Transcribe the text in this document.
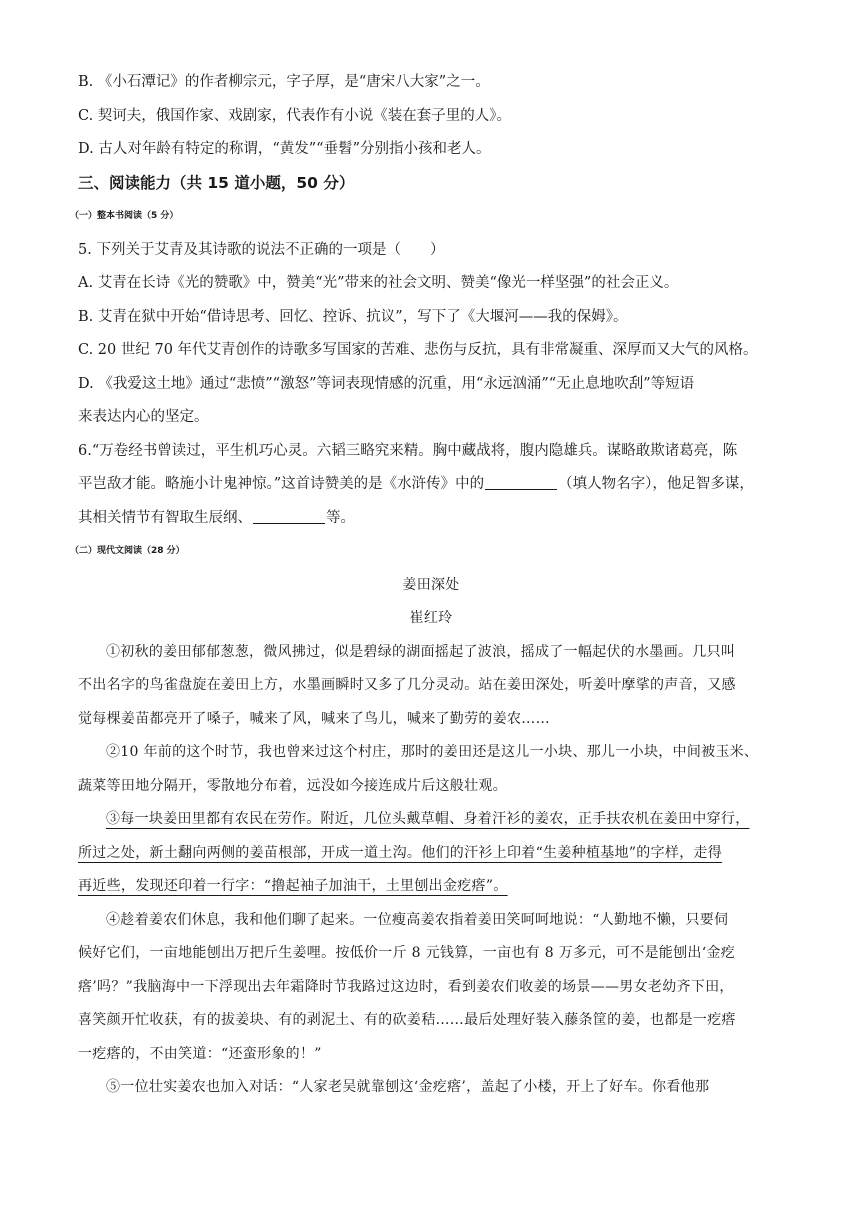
B. 《小石潭记》的作者柳宗元，字子厚，是“唐宋八大家”之一。

C. 契诃夫，俄国作家、戏剧家，代表作有小说《装在套子里的人》。

D. 古人对年龄有特定的称谓，“黄发”“垂髫”分别指小孩和老人。

三、阅读能力（共 15 道小题，50 分）

（一）整本书阅读（5 分）

5. 下列关于艾青及其诗歌的说法不正确的一项是（　　）

A. 艾青在长诗《光的赞歌》中，赞美“光”带来的社会文明、赞美“像光一样坚强”的社会正义。

B. 艾青在狱中开始“借诗思考、回忆、控诉、抗议”，写下了《大堰河——我的保姆》。

C. 20 世纪 70 年代艾青创作的诗歌多写国家的苦难、悲伤与反抗，具有非常凝重、深厚而又大气的风格。

D. 《我爱这土地》通过“悲愤”“激怒”等词表现情感的沉重，用“永远汹涌”“无止息地吹刮”等短语

来表达内心的坚定。

6.“万卷经书曾读过，平生机巧心灵。六韬三略究来精。胸中藏战将，腹内隐雄兵。谋略敢欺诸葛亮，陈

平岂敌才能。略施小计鬼神惊。”这首诗赞美的是《水浒传》中的	（填人物名字），他足智多谋，

其相关情节有智取生辰纲、	等。

（二）现代文阅读（28 分）

姜田深处

崔红玲

①初秋的姜田郁郁葱葱，微风拂过，似是碧绿的湖面摇起了波浪，摇成了一幅起伏的水墨画。几只叫

不出名字的鸟雀盘旋在姜田上方，水墨画瞬时又多了几分灵动。站在姜田深处，听姜叶摩挲的声音，又感

觉每棵姜苗都亮开了嗓子，喊来了风，喊来了鸟儿，喊来了勤劳的姜农……

②10 年前的这个时节，我也曾来过这个村庄，那时的姜田还是这儿一小块、那儿一小块，中间被玉米、

蔬菜等田地分隔开，零散地分布着，远没如今接连成片后这般壮观。

③每一块姜田里都有农民在劳作。附近，几位头戴草帽、身着汗衫的姜农，正手扶农机在姜田中穿行，

所过之处，新土翻向两侧的姜苗根部，开成一道土沟。他们的汗衫上印着“生姜种植基地”的字样，走得

再近些，发现还印着一行字：“撸起袖子加油干，土里刨出金疙瘩”。

④趁着姜农们休息，我和他们聊了起来。一位瘦高姜农指着姜田笑呵呵地说：“人勤地不懒，只要伺

候好它们，一亩地能刨出万把斤生姜哩。按低价一斤 8 元钱算，一亩也有 8 万多元，可不是能刨出‘金疙

瘩’吗？”我脑海中一下浮现出去年霜降时节我路过这边时，看到姜农们收姜的场景——男女老幼齐下田，

喜笑颜开忙收获，有的拔姜块、有的剥泥土、有的砍姜秸……最后处理好装入藤条筐的姜，也都是一疙瘩

一疙瘩的，不由笑道：“还蛮形象的！”

⑤一位壮实姜农也加入对话：“人家老吴就靠刨这‘金疙瘩’，盖起了小楼，开上了好车。你看他那
